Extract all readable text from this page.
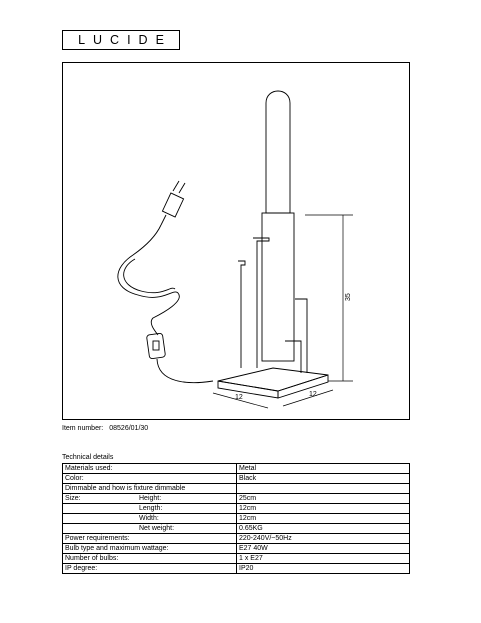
LUCIDE
35
12	12
Item number: 08526/01/30
Technical details
Materials used:	Metal
Color:	Black
Dimmable and how is fixture dimmable	
Size: Height:	25cm
Length:	12cm
Width:	12cm
Net weight:	0.65KG
Power requirements:	220-240V/~50Hz
Bulb type and maximum wattage:	E27 40W
Number of bulbs:	1 x E27
IP degree:	IP20
